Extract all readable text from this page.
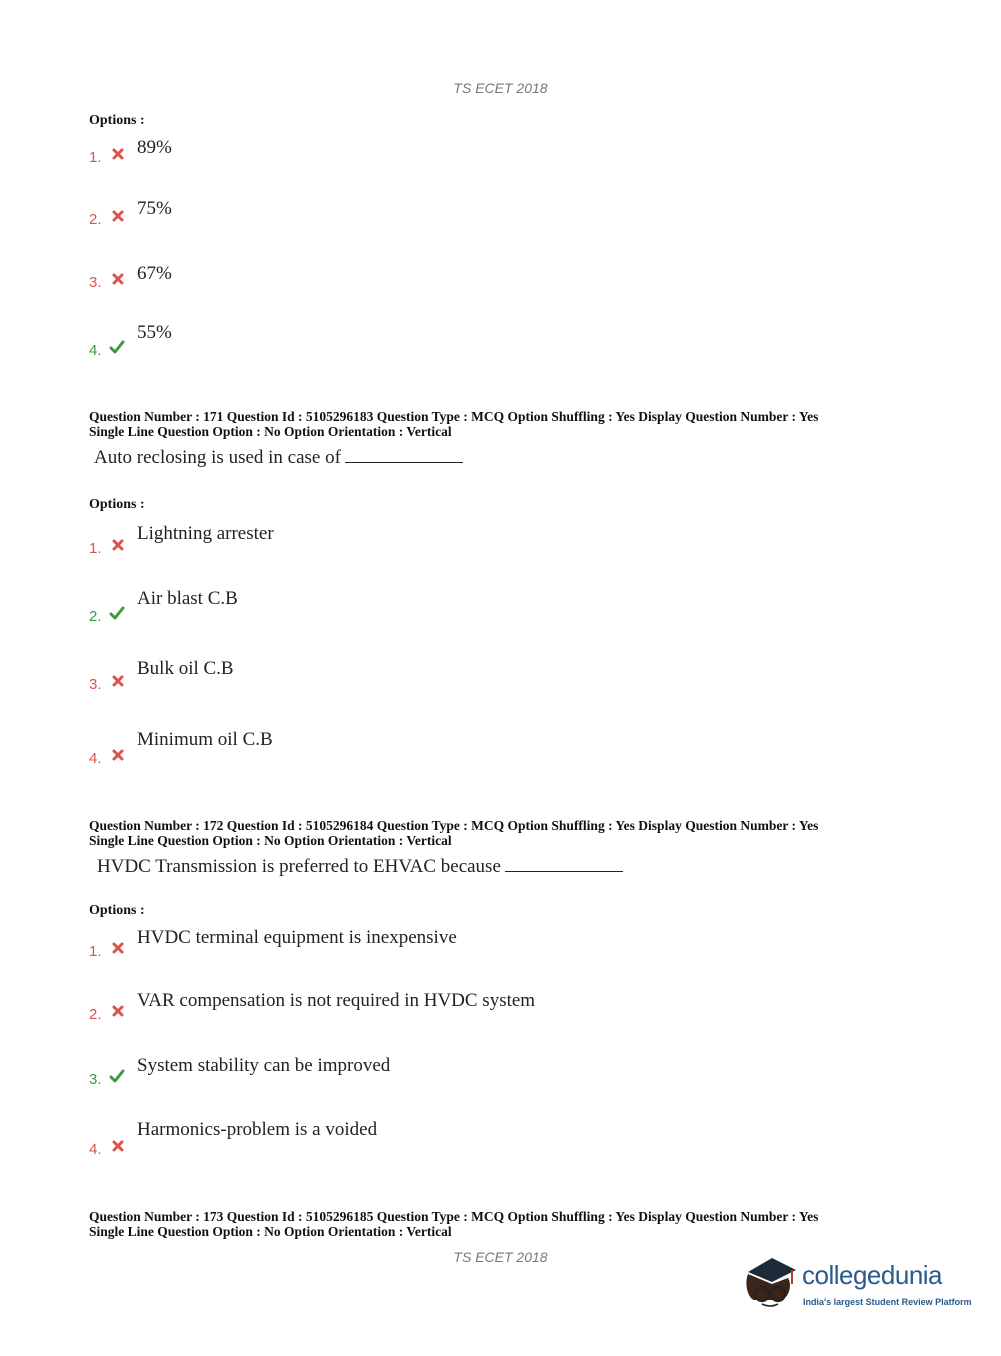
TS ECET 2018
Options :
1. 89%
2.
75%
3. 67%
4.
55%
Question Number : 171 Question Id : 5105296183 Question Type : MCQ Option Shuffling : Yes Display Question Number : Yes
Single Line Question Option : No Option Orientation : Vertical
Auto reclosing is used in case of
Options :
1.
Lightning arrester
2.
Air blast C.B
3.
Bulk oil C.B
4.
Minimum oil C.B
Question Number : 172 Question Id : 5105296184 Question Type : MCQ Option Shuffling : Yes Display Question Number : Yes
Single Line Question Option : No Option Orientation : Vertical
HVDC Transmission is preferred to EHVAC because
Options :
1.
HVDC terminal equipment is inexpensive
2.
VAR compensation is not required in HVDC system
3.
System stability can be improved
4.
Harmonics-problem is a voided
Question Number : 173 Question Id : 5105296185 Question Type : MCQ Option Shuffling : Yes Display Question Number : Yes
Single Line Question Option : No Option Orientation : Vertical
TS ECET 2018
collegedunia
India's largest Student Review Platform
